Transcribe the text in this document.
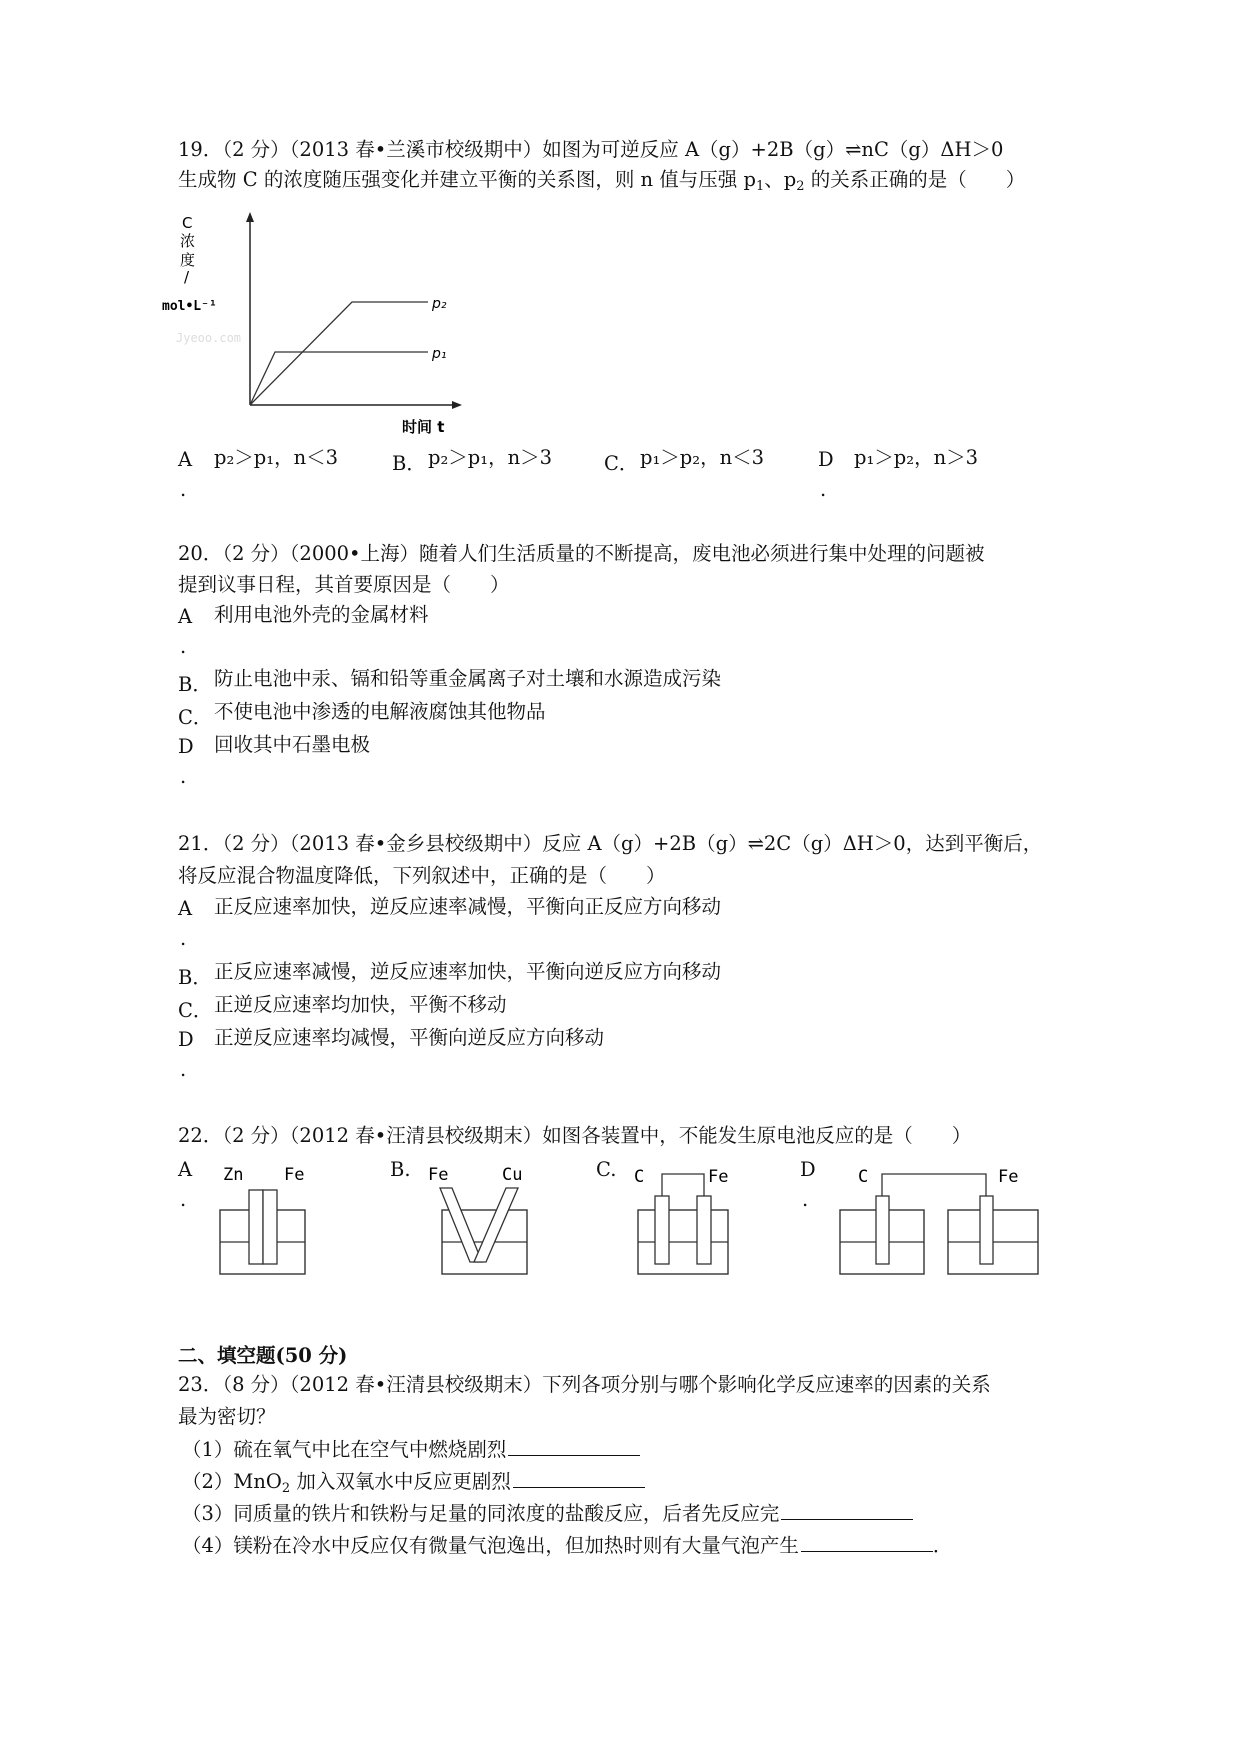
19．（2 分）（2013 春•兰溪市校级期中）如图为可逆反应 A（g）+2B（g）⇌nC（g）ΔH＞0
生成物 C 的浓度随压强变化并建立平衡的关系图，则 n 值与压强 $p_1$、$p_2$ 的关系正确的是（　　）
C
浓
度
/
mol•L⁻¹
Jyeoo.com
p₂
p₁
时间 t
A
.
p₂＞p₁，n＜3	B． p₂＞p₁，n＞3	C． p₁＞p₂，n＜3	D
.
p₁＞p₂，n＞3
20．（2 分）（2000•上海）随着人们生活质量的不断提高，废电池必须进行集中处理的问题被
提到议事日程，其首要原因是（　　）
A 利用电池外壳的金属材料
.
B． 防止电池中汞、镉和铅等重金属离子对土壤和水源造成污染
C． 不使电池中渗透的电解液腐蚀其他物品
D 回收其中石墨电极
.
21．（2 分）（2013 春•金乡县校级期中）反应 A（g）+2B（g）⇌2C（g）ΔH＞0，达到平衡后，
将反应混合物温度降低，下列叙述中，正确的是（　　）
A 正反应速率加快，逆反应速率减慢，平衡向正反应方向移动
.
B． 正反应速率减慢，逆反应速率加快，平衡向逆反应方向移动
C． 正逆反应速率均加快，平衡不移动
D 正逆反应速率均减慢，平衡向逆反应方向移动
.
22．（2 分）（2012 春•汪清县校级期末）如图各装置中，不能发生原电池反应的是（　　）
A
.
Zn Fe	B. Fe	Cu	C. C	Fe	D
.
C	Fe
二、填空题(50 分)
23．（8 分）（2012 春•汪清县校级期末）下列各项分别与哪个影响化学反应速率的因素的关系
最为密切？
（1）硫在氧气中比在空气中燃烧剧烈
（2）MnO$_2$ 加入双氧水中反应更剧烈
（3）同质量的铁片和铁粉与足量的同浓度的盐酸反应，后者先反应完
（4）镁粉在冷水中反应仅有微量气泡逸出，但加热时则有大量气泡产生	．
